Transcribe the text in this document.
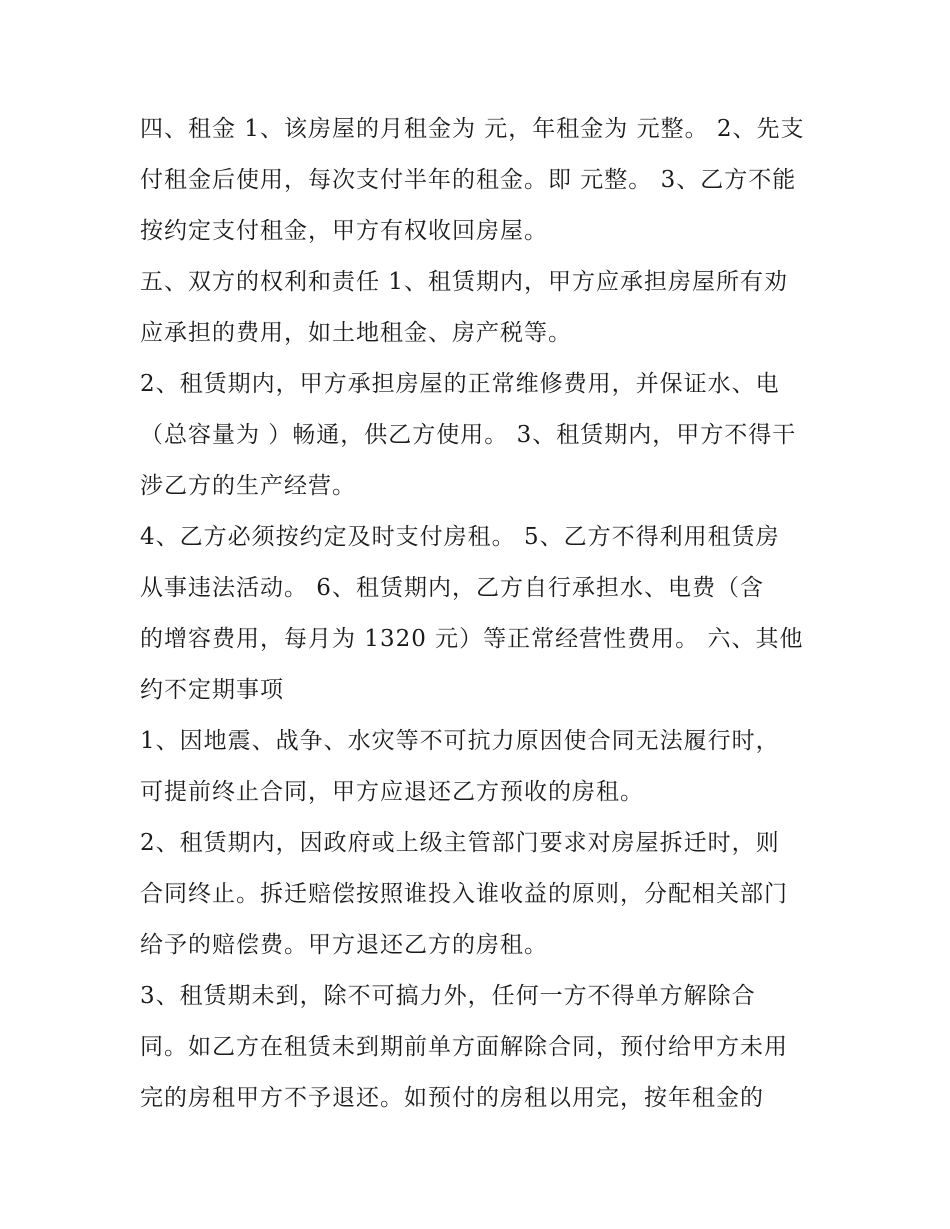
四、租金 1、该房屋的月租金为 元，年租金为 元整。 2、先支
付租金后使用，每次支付半年的租金。即 元整。 3、乙方不能
按约定支付租金，甲方有权收回房屋。
五、双方的权利和责任 1、租赁期内，甲方应承担房屋所有劝
应承担的费用，如土地租金、房产税等。
2、租赁期内，甲方承担房屋的正常维修费用，并保证水、电
（总容量为 ）畅通，供乙方使用。 3、租赁期内，甲方不得干
涉乙方的生产经营。
4、乙方必须按约定及时支付房租。 5、乙方不得利用租赁房
从事违法活动。 6、租赁期内，乙方自行承担水、电费（含
的增容费用，每月为 1320 元）等正常经营性费用。 六、其他
约不定期事项
1、因地震、战争、水灾等不可抗力原因使合同无法履行时，
可提前终止合同，甲方应退还乙方预收的房租。
2、租赁期内，因政府或上级主管部门要求对房屋拆迁时，则
合同终止。拆迁赔偿按照谁投入谁收益的原则，分配相关部门
给予的赔偿费。甲方退还乙方的房租。
3、租赁期未到，除不可搞力外，任何一方不得单方解除合
同。如乙方在租赁未到期前单方面解除合同，预付给甲方未用
完的房租甲方不予退还。如预付的房租以用完，按年租金的
